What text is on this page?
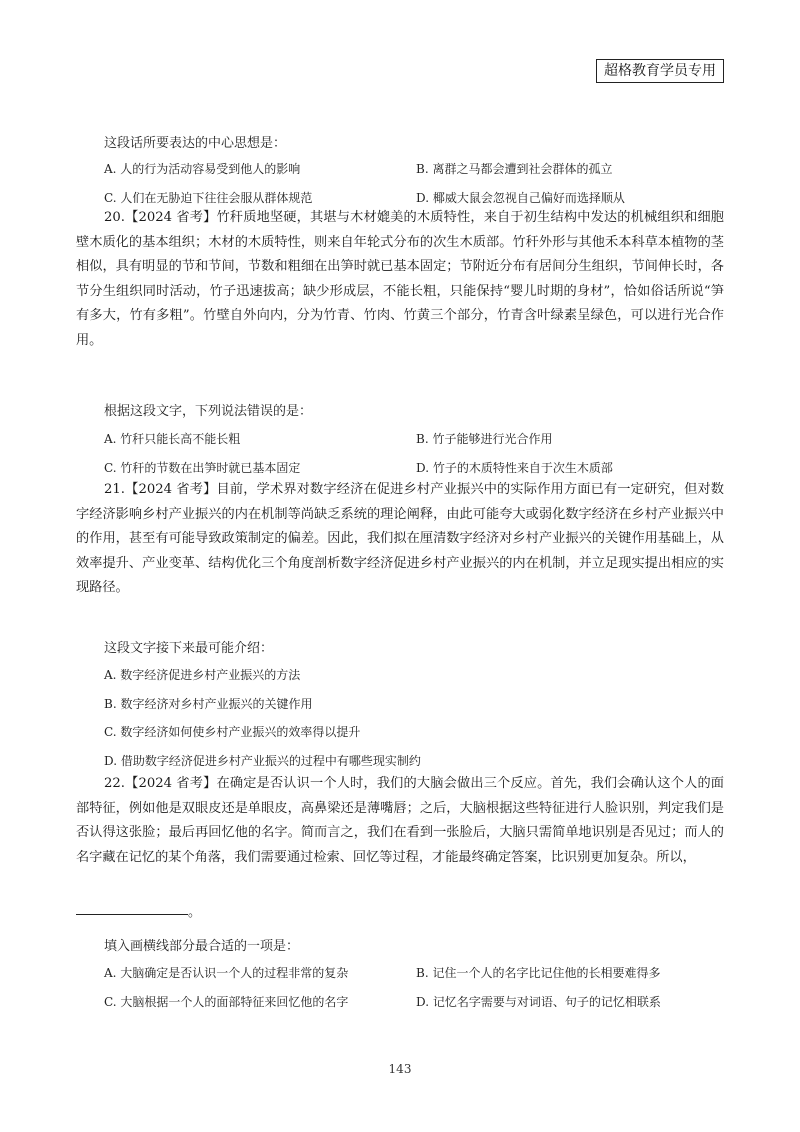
超格教育学员专用
这段话所要表达的中心思想是：
A. 人的行为活动容易受到他人的影响	B. 离群之马都会遭到社会群体的孤立
C. 人们在无胁迫下往往会服从群体规范	D. 椰威大鼠会忽视自己偏好而选择顺从

20.【2024 省考】竹秆质地坚硬，其堪与木材媲美的木质特性，来自于初生结构中发达的机械组织和细胞壁木质化的基本组织；木材的木质特性，则来自年轮式分布的次生木质部。竹秆外形与其他禾本科草本植物的茎相似，具有明显的节和节间，节数和粗细在出笋时就已基本固定；节附近分布有居间分生组织，节间伸长时，各节分生组织同时活动，竹子迅速拔高；缺少形成层，不能长粗，只能保持“婴儿时期的身材”，恰如俗话所说“笋有多大，竹有多粗”。竹壁自外向内，分为竹青、竹肉、竹黄三个部分，竹青含叶绿素呈绿色，可以进行光合作用。

根据这段文字，下列说法错误的是：
A. 竹秆只能长高不能长粗	B. 竹子能够进行光合作用
C. 竹秆的节数在出笋时就已基本固定	D. 竹子的木质特性来自于次生木质部

21.【2024 省考】目前，学术界对数字经济在促进乡村产业振兴中的实际作用方面已有一定研究，但对数字经济影响乡村产业振兴的内在机制等尚缺乏系统的理论阐释，由此可能夸大或弱化数字经济在乡村产业振兴中的作用，甚至有可能导致政策制定的偏差。因此，我们拟在厘清数字经济对乡村产业振兴的关键作用基础上，从效率提升、产业变革、结构优化三个角度剖析数字经济促进乡村产业振兴的内在机制，并立足现实提出相应的实现路径。

这段文字接下来最可能介绍：
A. 数字经济促进乡村产业振兴的方法
B. 数字经济对乡村产业振兴的关键作用
C. 数字经济如何使乡村产业振兴的效率得以提升
D. 借助数字经济促进乡村产业振兴的过程中有哪些现实制约

22.【2024 省考】在确定是否认识一个人时，我们的大脑会做出三个反应。首先，我们会确认这个人的面部特征，例如他是双眼皮还是单眼皮，高鼻梁还是薄嘴唇；之后，大脑根据这些特征进行人脸识别，判定我们是否认得这张脸；最后再回忆他的名字。简而言之，我们在看到一张脸后，大脑只需简单地识别是否见过；而人的名字藏在记忆的某个角落，我们需要通过检索、回忆等过程，才能最终确定答案，比识别更加复杂。所以，

。
填入画横线部分最合适的一项是：
A. 大脑确定是否认识一个人的过程非常的复杂	B. 记住一个人的名字比记住他的长相要难得多
C. 大脑根据一个人的面部特征来回忆他的名字	D. 记忆名字需要与对词语、句子的记忆相联系
143
